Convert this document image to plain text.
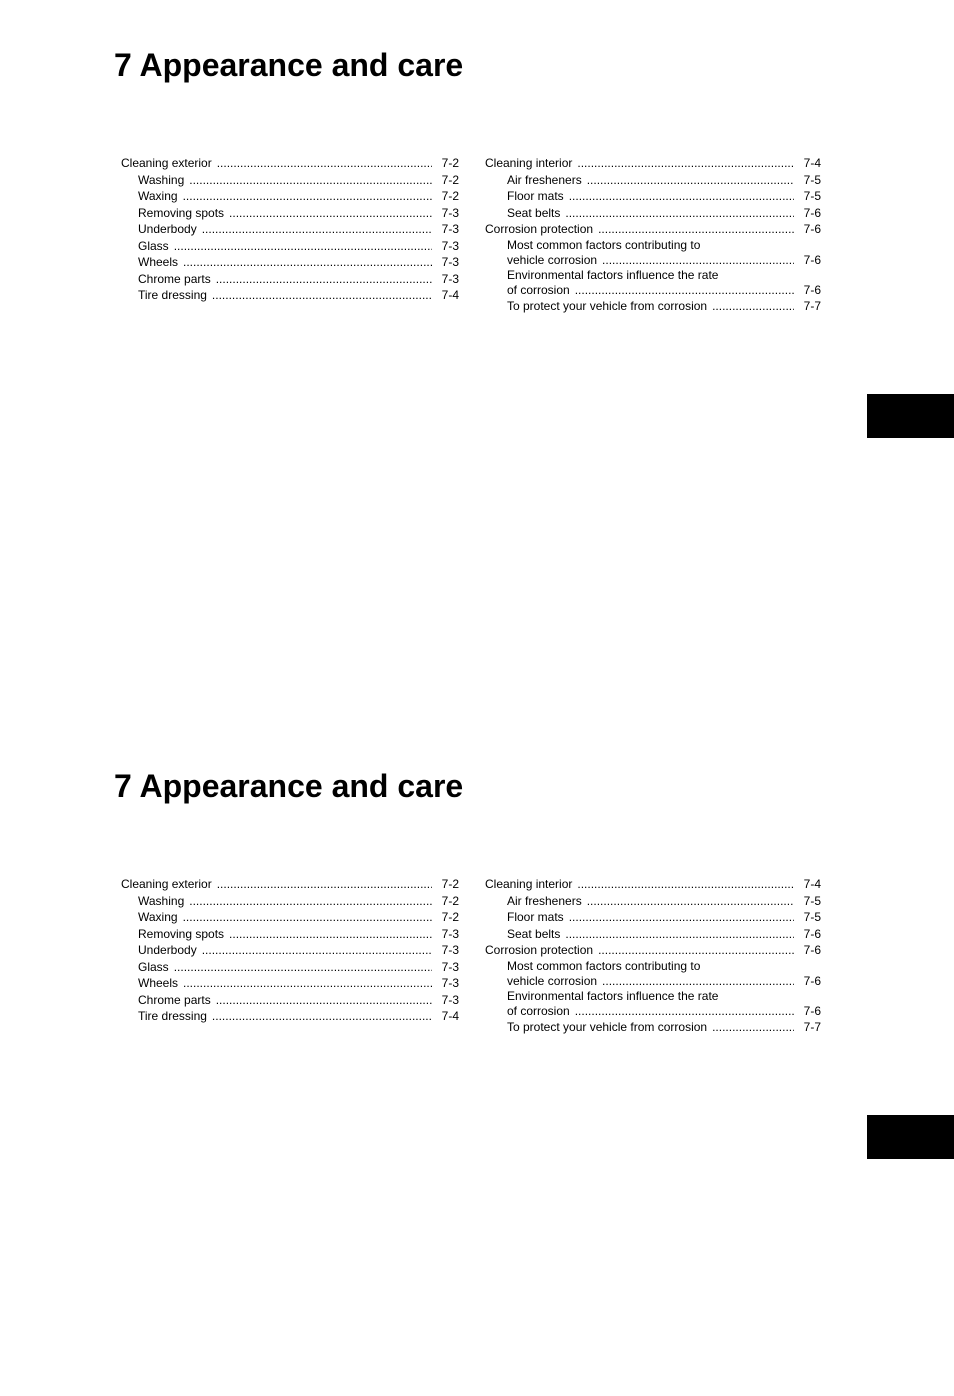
7 Appearance and care
Cleaning exterior .....	7-2
Washing .....	7-2
Waxing .....	7-2
Removing spots .....	7-3
Underbody .....	7-3
Glass .....	7-3
Wheels .....	7-3
Chrome parts .....	7-3
Tire dressing .....	7-4
Cleaning interior .....	7-4
Air fresheners .....	7-5
Floor mats .....	7-5
Seat belts .....	7-6
Corrosion protection .....	7-6
Most common factors contributing to
vehicle corrosion .....	7-6
Environmental factors influence the rate
of corrosion .....	7-6
To protect your vehicle from corrosion .....	7-7
7 Appearance and care
Cleaning exterior .....	7-2
Washing .....	7-2
Waxing .....	7-2
Removing spots .....	7-3
Underbody .....	7-3
Glass .....	7-3
Wheels .....	7-3
Chrome parts .....	7-3
Tire dressing .....	7-4
Cleaning interior .....	7-4
Air fresheners .....	7-5
Floor mats .....	7-5
Seat belts .....	7-6
Corrosion protection .....	7-6
Most common factors contributing to
vehicle corrosion .....	7-6
Environmental factors influence the rate
of corrosion .....	7-6
To protect your vehicle from corrosion .....	7-7
